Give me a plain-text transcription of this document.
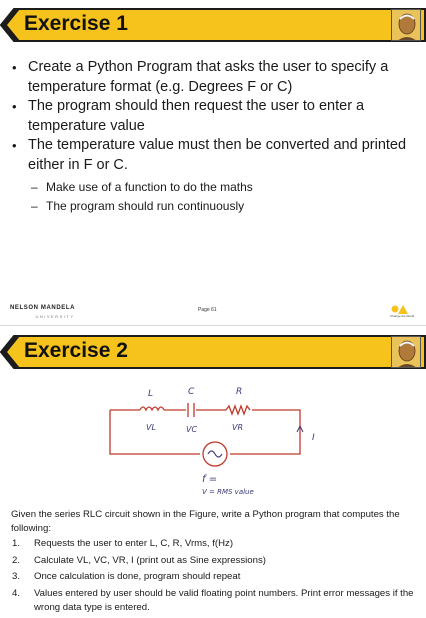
Exercise 1
• Create a Python Program that asks the user to specify a temperature format (e.g. Degrees F or C)
• The program should then request the user to enter a temperature value
• The temperature value must then be converted and printed either in F or C.
– Make use of a function to do the maths
– The program should run continuously
NELSON MANDELA
UNIVERSITY
Page 61
Change the World
Exercise 2
L	C	R
VL	VC	VR
I
f =
V = RMS value

Given the series RLC circuit shown in the Figure, write a Python program that computes the following:

1. Requests the user to enter L, C, R, Vrms, f(Hz)
2. Calculate VL, VC, VR, I (print out as Sine expressions)
3. Once calculation is done, program should repeat
4. Values entered by user should be valid floating point numbers. Print error messages if the wrong data type is entered.
